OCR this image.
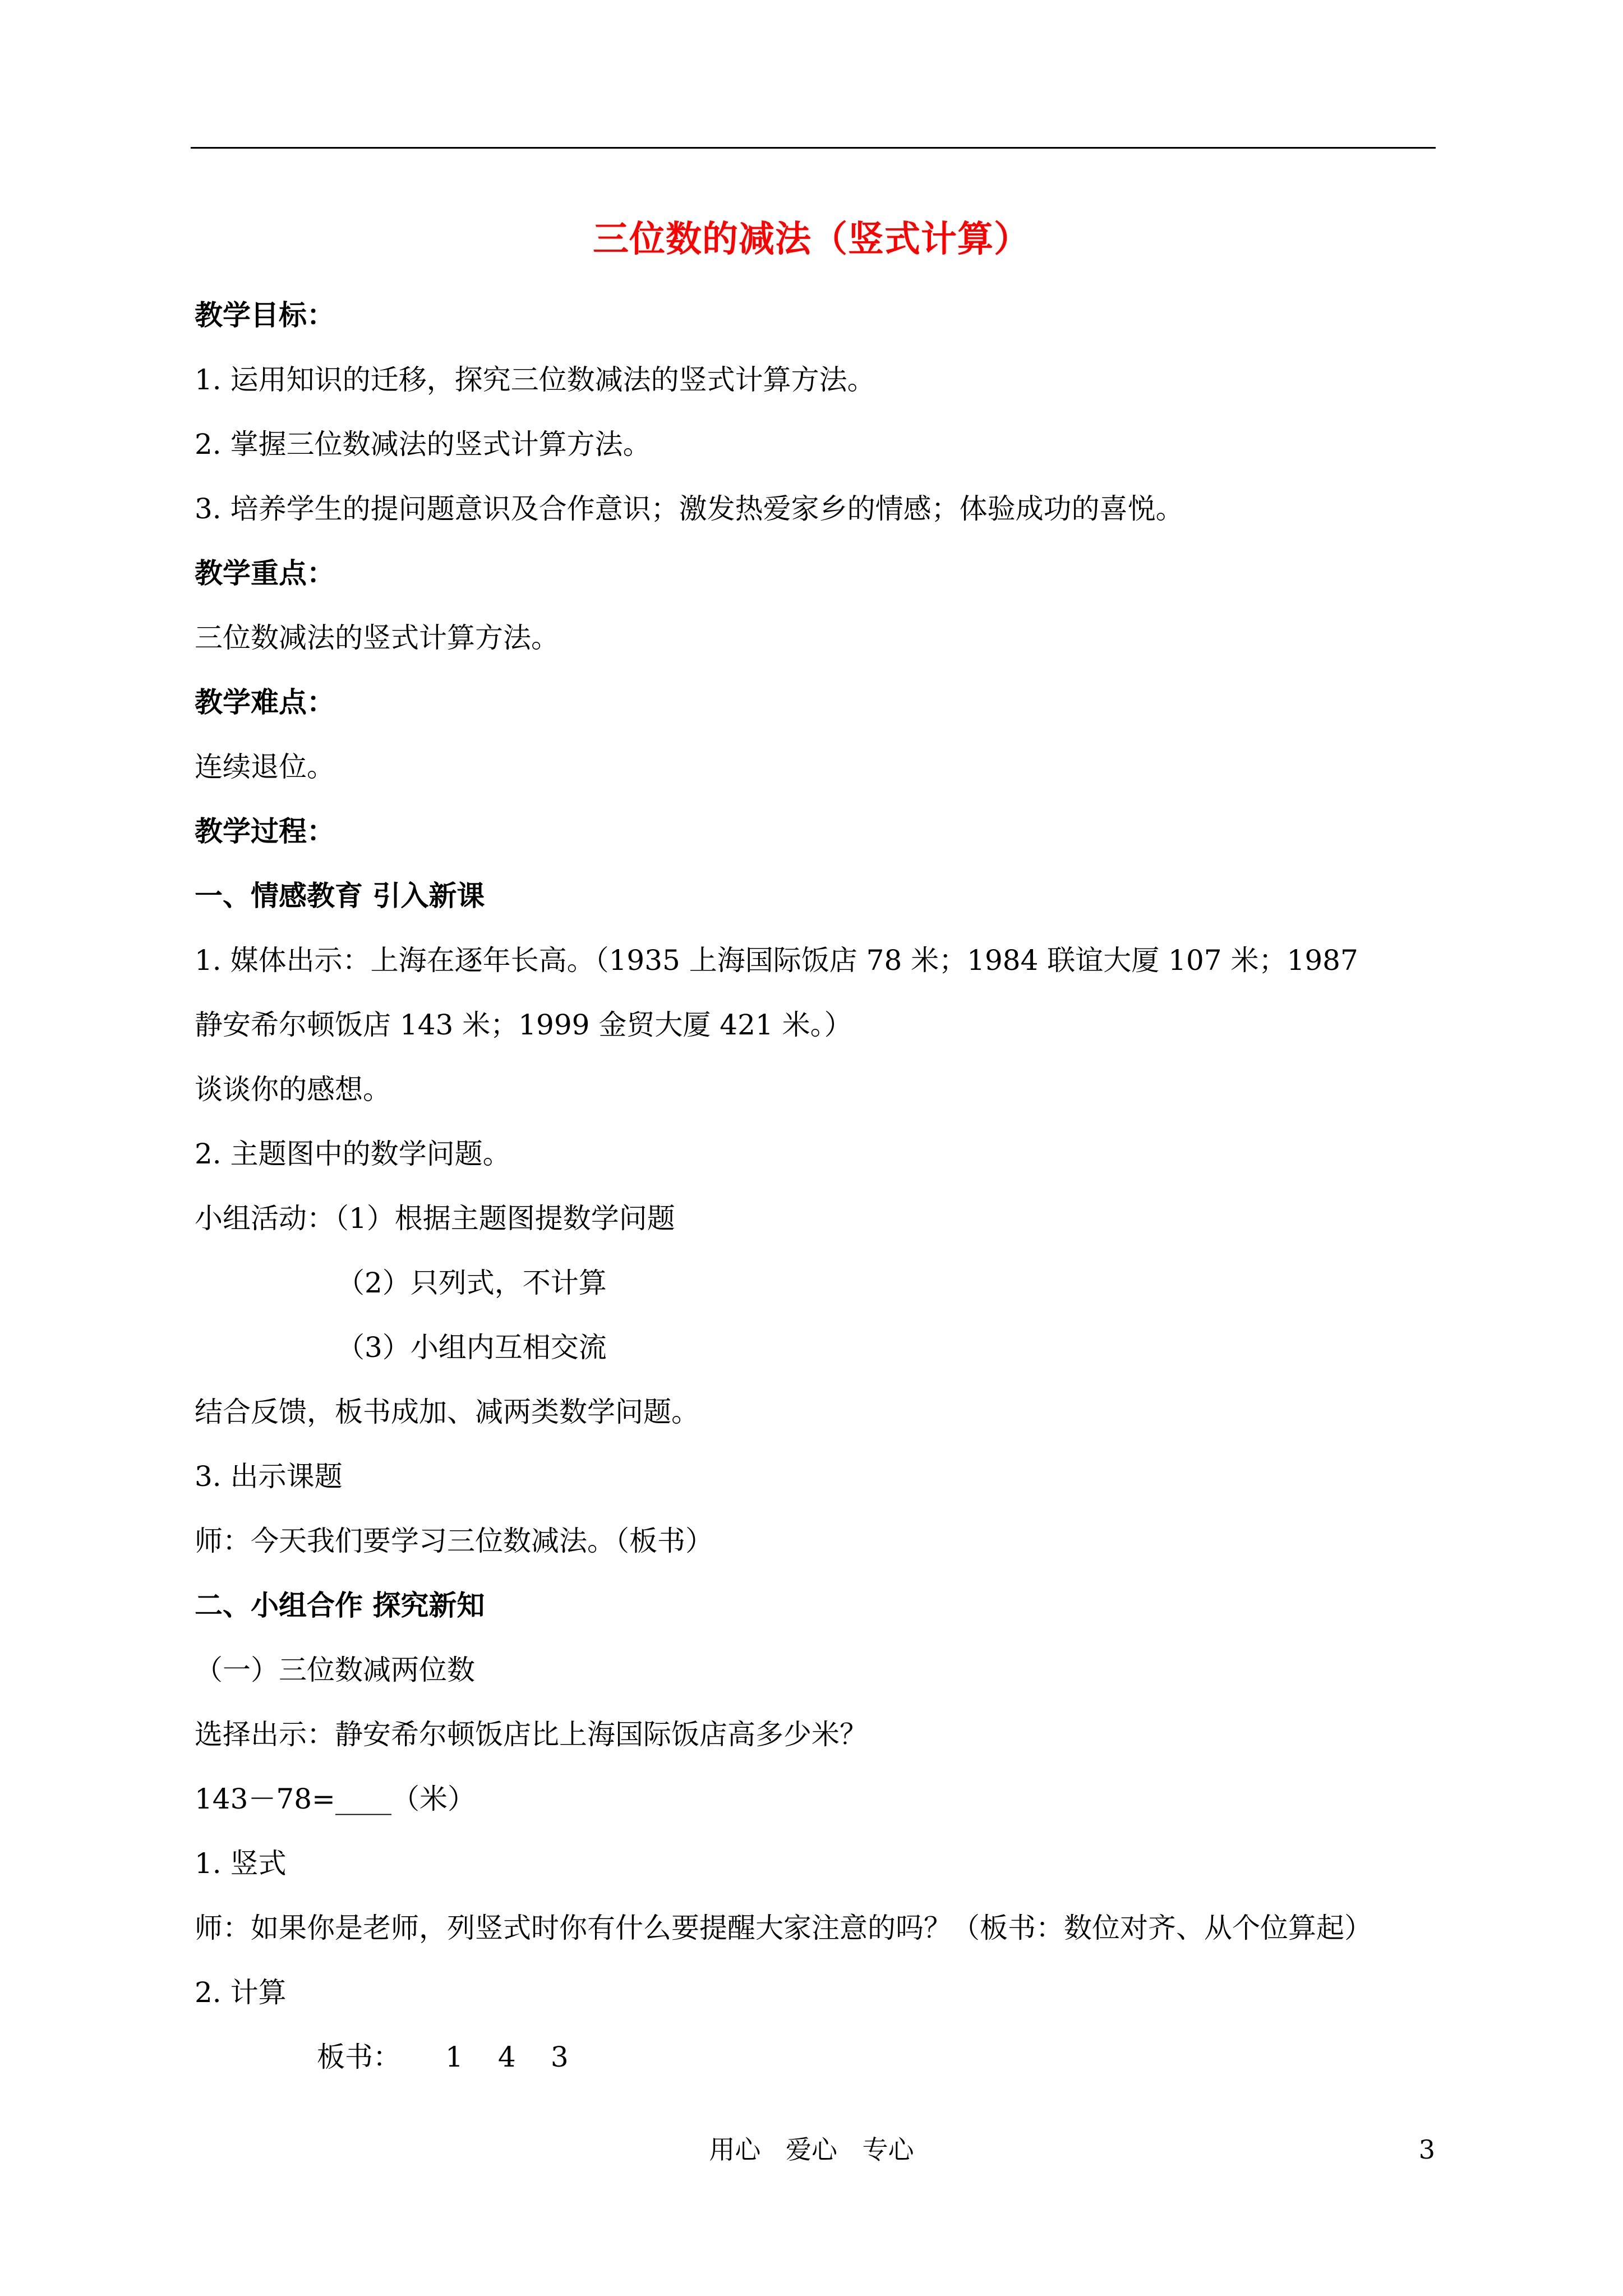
三位数的减法（竖式计算）
教学目标：
1. 运用知识的迁移，探究三位数减法的竖式计算方法。
2. 掌握三位数减法的竖式计算方法。
3. 培养学生的提问题意识及合作意识；激发热爱家乡的情感；体验成功的喜悦。
教学重点：
三位数减法的竖式计算方法。
教学难点：
连续退位。
教学过程：
一、情感教育 引入新课
1. 媒体出示：上海在逐年长高。（1935 上海国际饭店 78 米；1984 联谊大厦 107 米；1987
静安希尔顿饭店 143 米；1999 金贸大厦 421 米。）
谈谈你的感想。
2. 主题图中的数学问题。
小组活动：（1）根据主题图提数学问题
（2）只列式，不计算
（3）小组内互相交流
结合反馈，板书成加、减两类数学问题。
3. 出示课题
师：今天我们要学习三位数减法。（板书）
二、小组合作 探究新知
（一）三位数减两位数
选择出示：静安希尔顿饭店比上海国际饭店高多少米？
143－78=____（米）
1. 竖式
师：如果你是老师，列竖式时你有什么要提醒大家注意的吗？（板书：数位对齐、从个位算起）
2. 计算
板书： 1 4 3
用心 爱心 专心	3
